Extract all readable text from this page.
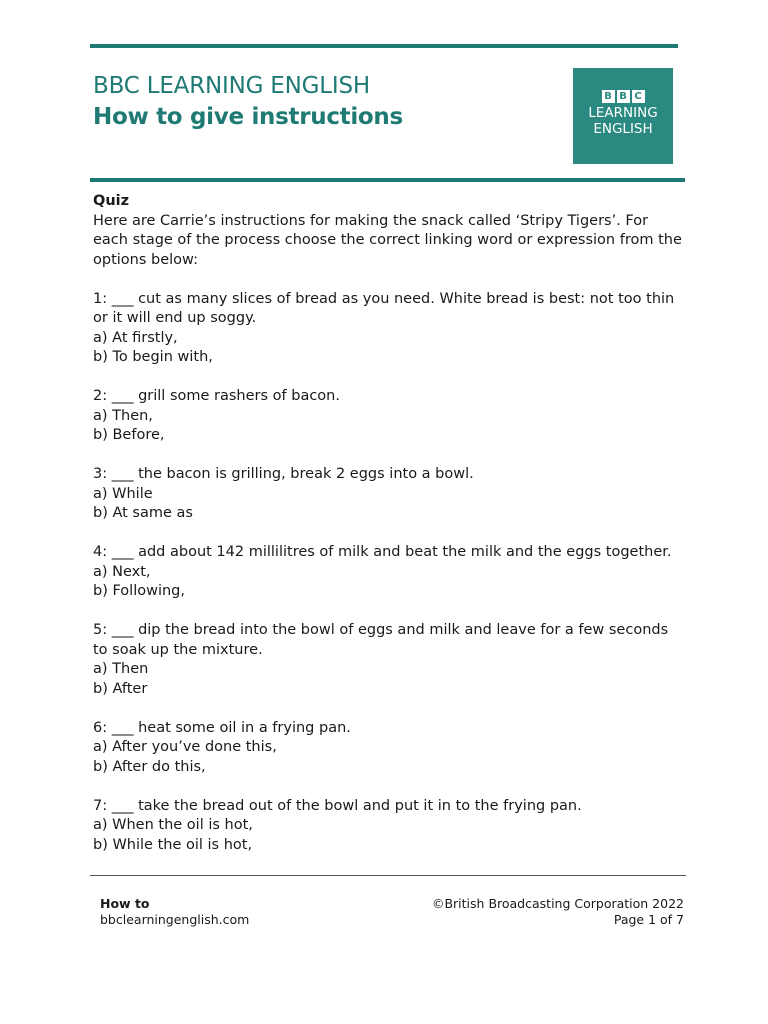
BBC LEARNING ENGLISH
How to give instructions
B B C
LEARNING
ENGLISH

Quiz

Here are Carrie’s instructions for making the snack called ‘Stripy Tigers’. For each stage of the process choose the correct linking word or expression from the options below:

1: ___ cut as many slices of bread as you need. White bread is best: not too thin or it will end up soggy.

a) At firstly,

b) To begin with,

2: ___ grill some rashers of bacon.

a) Then,

b) Before,

3: ___ the bacon is grilling, break 2 eggs into a bowl.

a) While

b) At same as

4: ___ add about 142 millilitres of milk and beat the milk and the eggs together.

a) Next,

b) Following,

5: ___ dip the bread into the bowl of eggs and milk and leave for a few seconds to soak up the mixture.

a) Then

b) After

6: ___ heat some oil in a frying pan.

a) After you’ve done this,

b) After do this,

7: ___ take the bread out of the bowl and put it in to the frying pan.

a) When the oil is hot,

b) While the oil is hot,

How to
bbclearningenglish.com
©British Broadcasting Corporation 2022
Page 1 of 7
